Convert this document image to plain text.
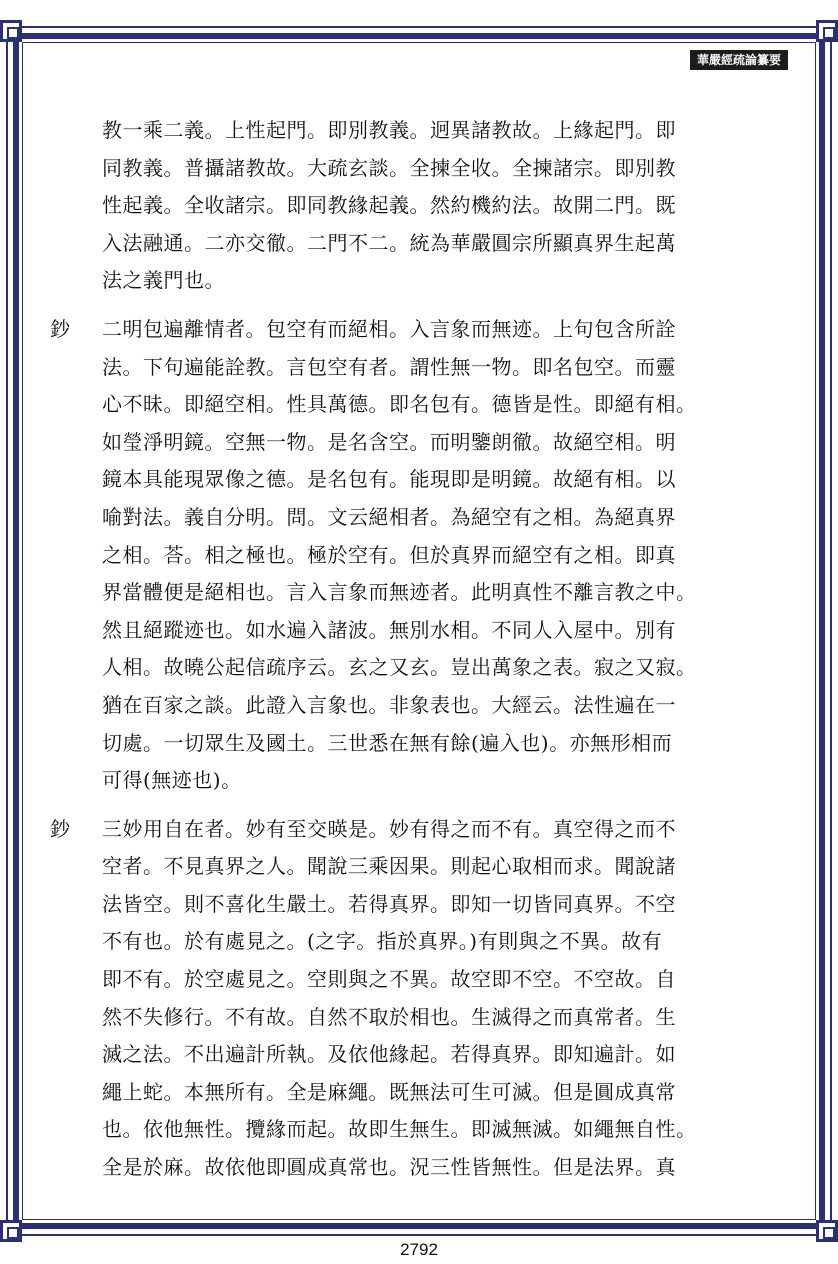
華嚴經疏論纂要
教一乘二義。上性起門。即別教義。迥異諸教故。上緣起門。即
同教義。普攝諸教故。大疏玄談。全揀全收。全揀諸宗。即別教
性起義。全收諸宗。即同教緣起義。然約機約法。故開二門。既
入法融通。二亦交徹。二門不二。統為華嚴圓宗所顯真界生起萬
法之義門也。
鈔	二明包遍離情者。包空有而絕相。入言象而無迹。上句包含所詮
法。下句遍能詮教。言包空有者。謂性無一物。即名包空。而靈
心不昧。即絕空相。性具萬德。即名包有。德皆是性。即絕有相。
如瑩淨明鏡。空無一物。是名含空。而明鑒朗徹。故絕空相。明
鏡本具能現眾像之德。是名包有。能現即是明鏡。故絕有相。以
喻對法。義自分明。問。文云絕相者。為絕空有之相。為絕真界
之相。荅。相之極也。極於空有。但於真界而絕空有之相。即真
界當體便是絕相也。言入言象而無迹者。此明真性不離言教之中。
然且絕蹤迹也。如水遍入諸波。無別水相。不同人入屋中。別有
人相。故曉公起信疏序云。玄之又玄。豈出萬象之表。寂之又寂。
猶在百家之談。此證入言象也。非象表也。大經云。法性遍在一
切處。一切眾生及國土。三世悉在無有餘(遍入也)。亦無形相而
可得(無迹也)。
鈔	三妙用自在者。妙有至交暎是。妙有得之而不有。真空得之而不
空者。不見真界之人。聞說三乘因果。則起心取相而求。聞說諸
法皆空。則不喜化生嚴土。若得真界。即知一切皆同真界。不空
不有也。於有處見之。(之字。指於真界。)有則與之不異。故有
即不有。於空處見之。空則與之不異。故空即不空。不空故。自
然不失修行。不有故。自然不取於相也。生滅得之而真常者。生
滅之法。不出遍計所執。及依他緣起。若得真界。即知遍計。如
繩上蛇。本無所有。全是麻繩。既無法可生可滅。但是圓成真常
也。依他無性。攬緣而起。故即生無生。即滅無滅。如繩無自性。
全是於麻。故依他即圓成真常也。況三性皆無性。但是法界。真
2792
